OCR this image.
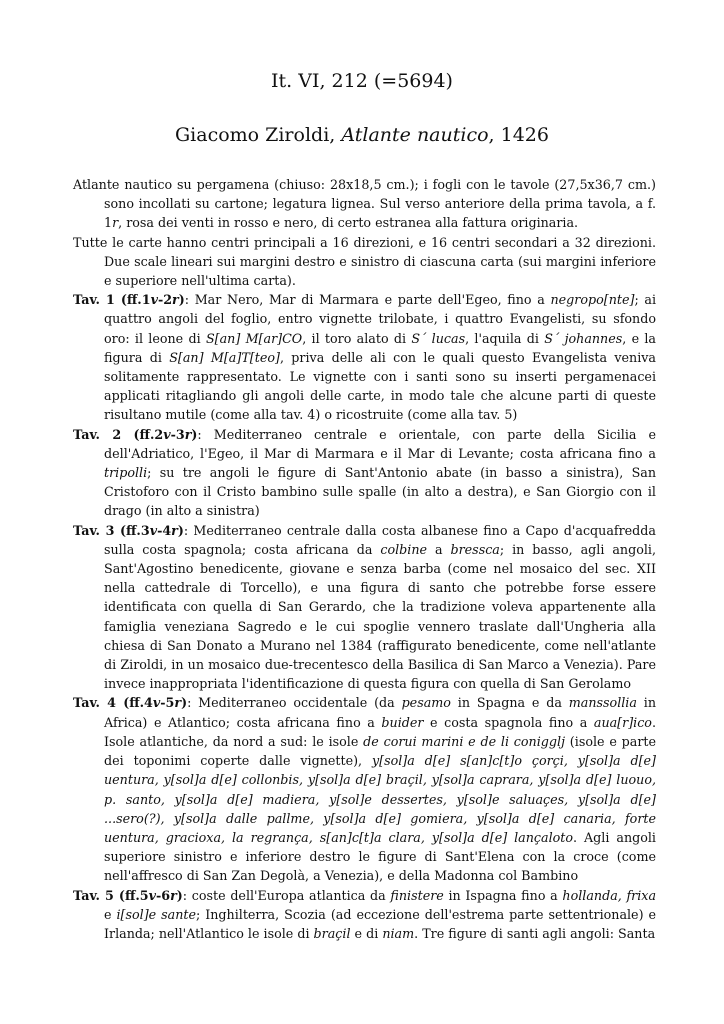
It. VI, 212 (=5694)
Giacomo Ziroldi, Atlante nautico, 1426

Atlante nautico su pergamena (chiuso: 28x18,5 cm.); i fogli con le tavole (27,5x36,7 cm.) sono incollati su cartone; legatura lignea. Sul verso anteriore della prima tavola, a f. 1r, rosa dei venti in rosso e nero, di certo estranea alla fattura originaria.

Tutte le carte hanno centri principali a 16 direzioni, e 16 centri secondari a 32 direzioni. Due scale lineari sui margini destro e sinistro di ciascuna carta (sui margini inferiore e superiore nell'ultima carta).

Tav. 1 (ff.1v-2r): Mar Nero, Mar di Marmara e parte dell'Egeo, fino a negropo[nte]; ai quattro angoli del foglio, entro vignette trilobate, i quattro Evangelisti, su sfondo oro: il leone di S[an] M[ar]CO, il toro alato di S´ lucas, l'aquila di S´ johannes, e la figura di S[an] M[a]T[teo], priva delle ali con le quali questo Evangelista veniva solitamente rappresentato. Le vignette con i santi sono su inserti pergamenacei applicati ritagliando gli angoli delle carte, in modo tale che alcune parti di queste risultano mutile (come alla tav. 4) o ricostruite (come alla tav. 5)

Tav. 2 (ff.2v-3r): Mediterraneo centrale e orientale, con parte della Sicilia e dell'Adriatico, l'Egeo, il Mar di Marmara e il Mar di Levante; costa africana fino a tripolli; su tre angoli le figure di Sant'Antonio abate (in basso a sinistra), San Cristoforo con il Cristo bambino sulle spalle (in alto a destra), e San Giorgio con il drago (in alto a sinistra)

Tav. 3 (ff.3v-4r): Mediterraneo centrale dalla costa albanese fino a Capo d'acquafredda sulla costa spagnola; costa africana da colbine a bressca; in basso, agli angoli, Sant'Agostino benedicente, giovane e senza barba (come nel mosaico del sec. XII nella cattedrale di Torcello), e una figura di santo che potrebbe forse essere identificata con quella di San Gerardo, che la tradizione voleva appartenente alla famiglia veneziana Sagredo e le cui spoglie vennero traslate dall'Ungheria alla chiesa di San Donato a Murano nel 1384 (raffigurato benedicente, come nell'atlante di Ziroldi, in un mosaico due-trecentesco della Basilica di San Marco a Venezia). Pare invece inappropriata l'identificazione di questa figura con quella di San Gerolamo

Tav. 4 (ff.4v-5r): Mediterraneo occidentale (da pesamo in Spagna e da manssollia in Africa) e Atlantico; costa africana fino a buider e costa spagnola fino a aua[r]ico. Isole atlantiche, da nord a sud: le isole de corui marini e de li conigglj (isole e parte dei toponimi coperte dalle vignette), y[sol]a d[e] s[an]c[t]o çorçi, y[sol]a d[e] uentura, y[sol]a d[e] collonbis, y[sol]a d[e] braçil, y[sol]a caprara, y[sol]a d[e] luouo, p. santo, y[sol]a d[e] madiera, y[sol]e dessertes, y[sol]e saluaçes, y[sol]a d[e] ...sero(?), y[sol]a dalle pallme, y[sol]a d[e] gomiera, y[sol]a d[e] canaria, forte uentura, gracioxa, la regrança, s[an]c[t]a clara, y[sol]a d[e] lançaloto. Agli angoli superiore sinistro e inferiore destro le figure di Sant'Elena con la croce (come nell'affresco di San Zan Degolà, a Venezia), e della Madonna col Bambino

Tav. 5 (ff.5v-6r): coste dell'Europa atlantica da finistere in Ispagna fino a hollanda, frixa e i[sol]e sante; Inghilterra, Scozia (ad eccezione dell'estrema parte settentrionale) e Irlanda; nell'Atlantico le isole di braçil e di niam. Tre figure di santi agli angoli: Santa
